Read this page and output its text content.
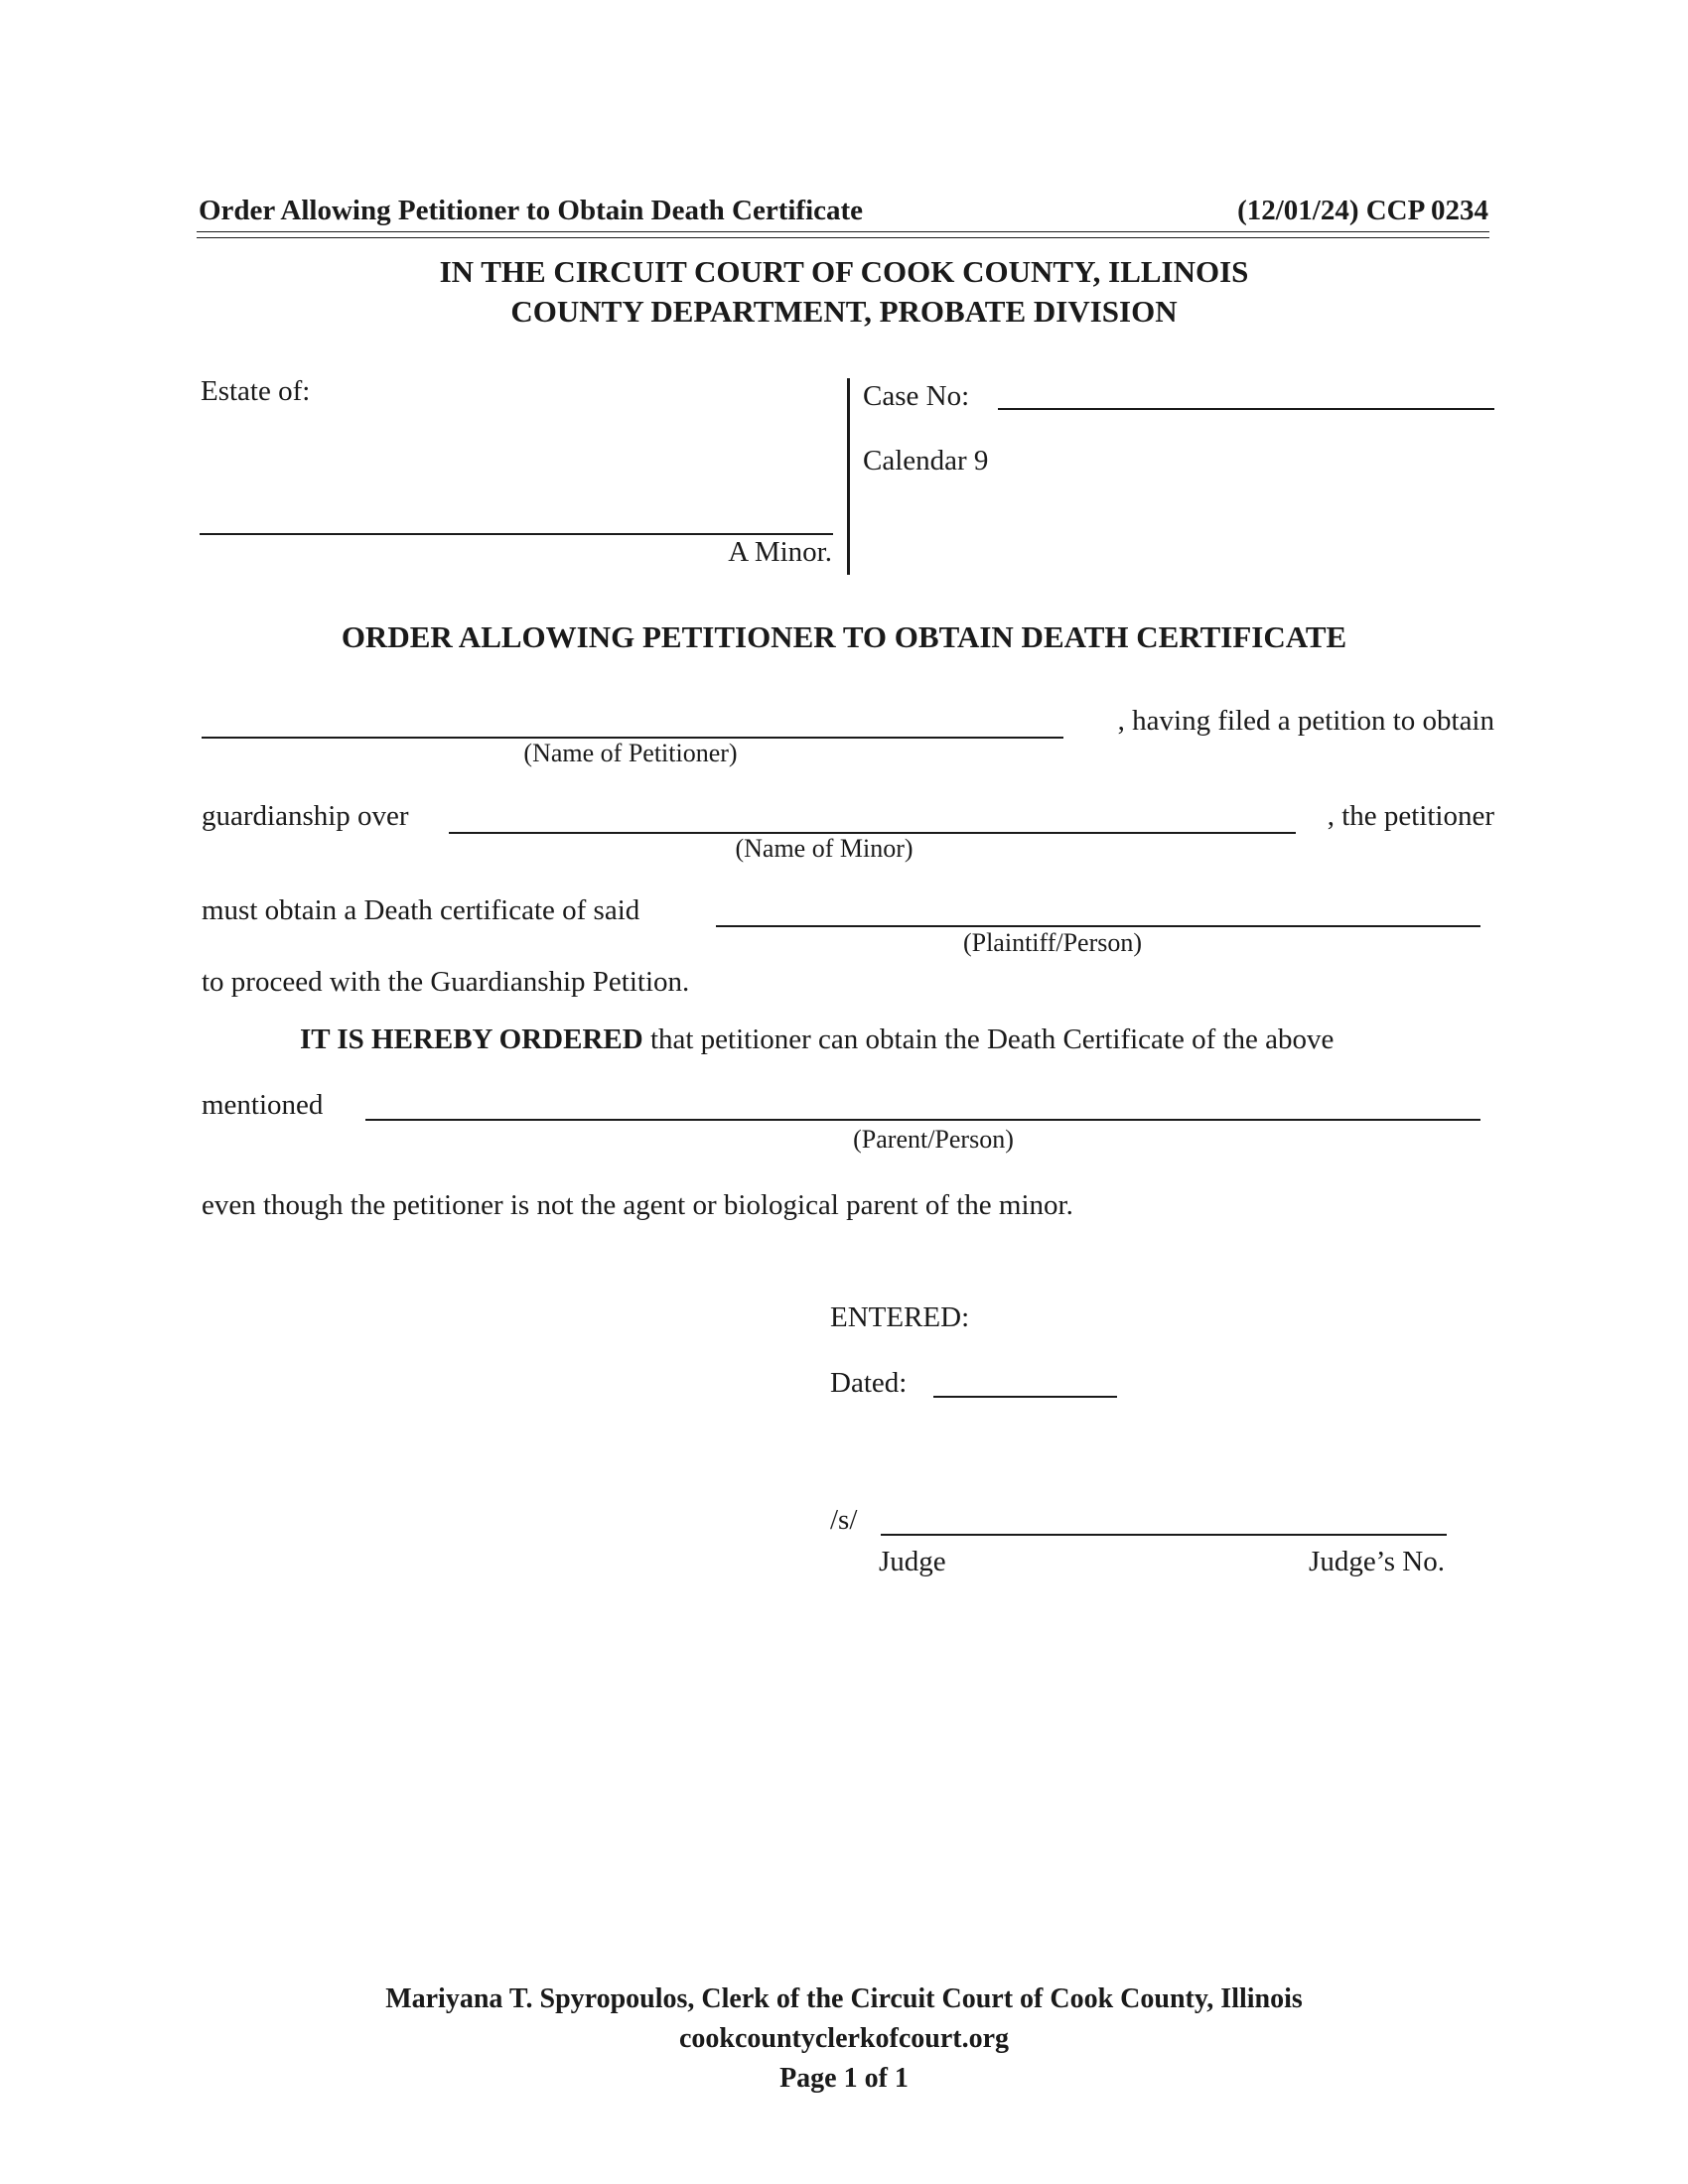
Order Allowing Petitioner to Obtain Death Certificate	(12/01/24) CCP 0234
IN THE CIRCUIT COURT OF COOK COUNTY, ILLINOIS
COUNTY DEPARTMENT, PROBATE DIVISION
Estate of:
A Minor.
Case No:
Calendar 9
ORDER ALLOWING PETITIONER TO OBTAIN DEATH CERTIFICATE
, having filed a petition to obtain
(Name of Petitioner)
guardianship over	, the petitioner
(Name of Minor)
must obtain a Death certificate of said
(Plaintiff/Person)
to proceed with the Guardianship Petition.
IT IS HEREBY ORDERED that petitioner can obtain the Death Certificate of the above
mentioned
(Parent/Person)
even though the petitioner is not the agent or biological parent of the minor.
ENTERED:
Dated:
/s/
Judge	Judge’s No.
Mariyana T. Spyropoulos, Clerk of the Circuit Court of Cook County, Illinois
cookcountyclerkofcourt.org
Page 1 of 1
